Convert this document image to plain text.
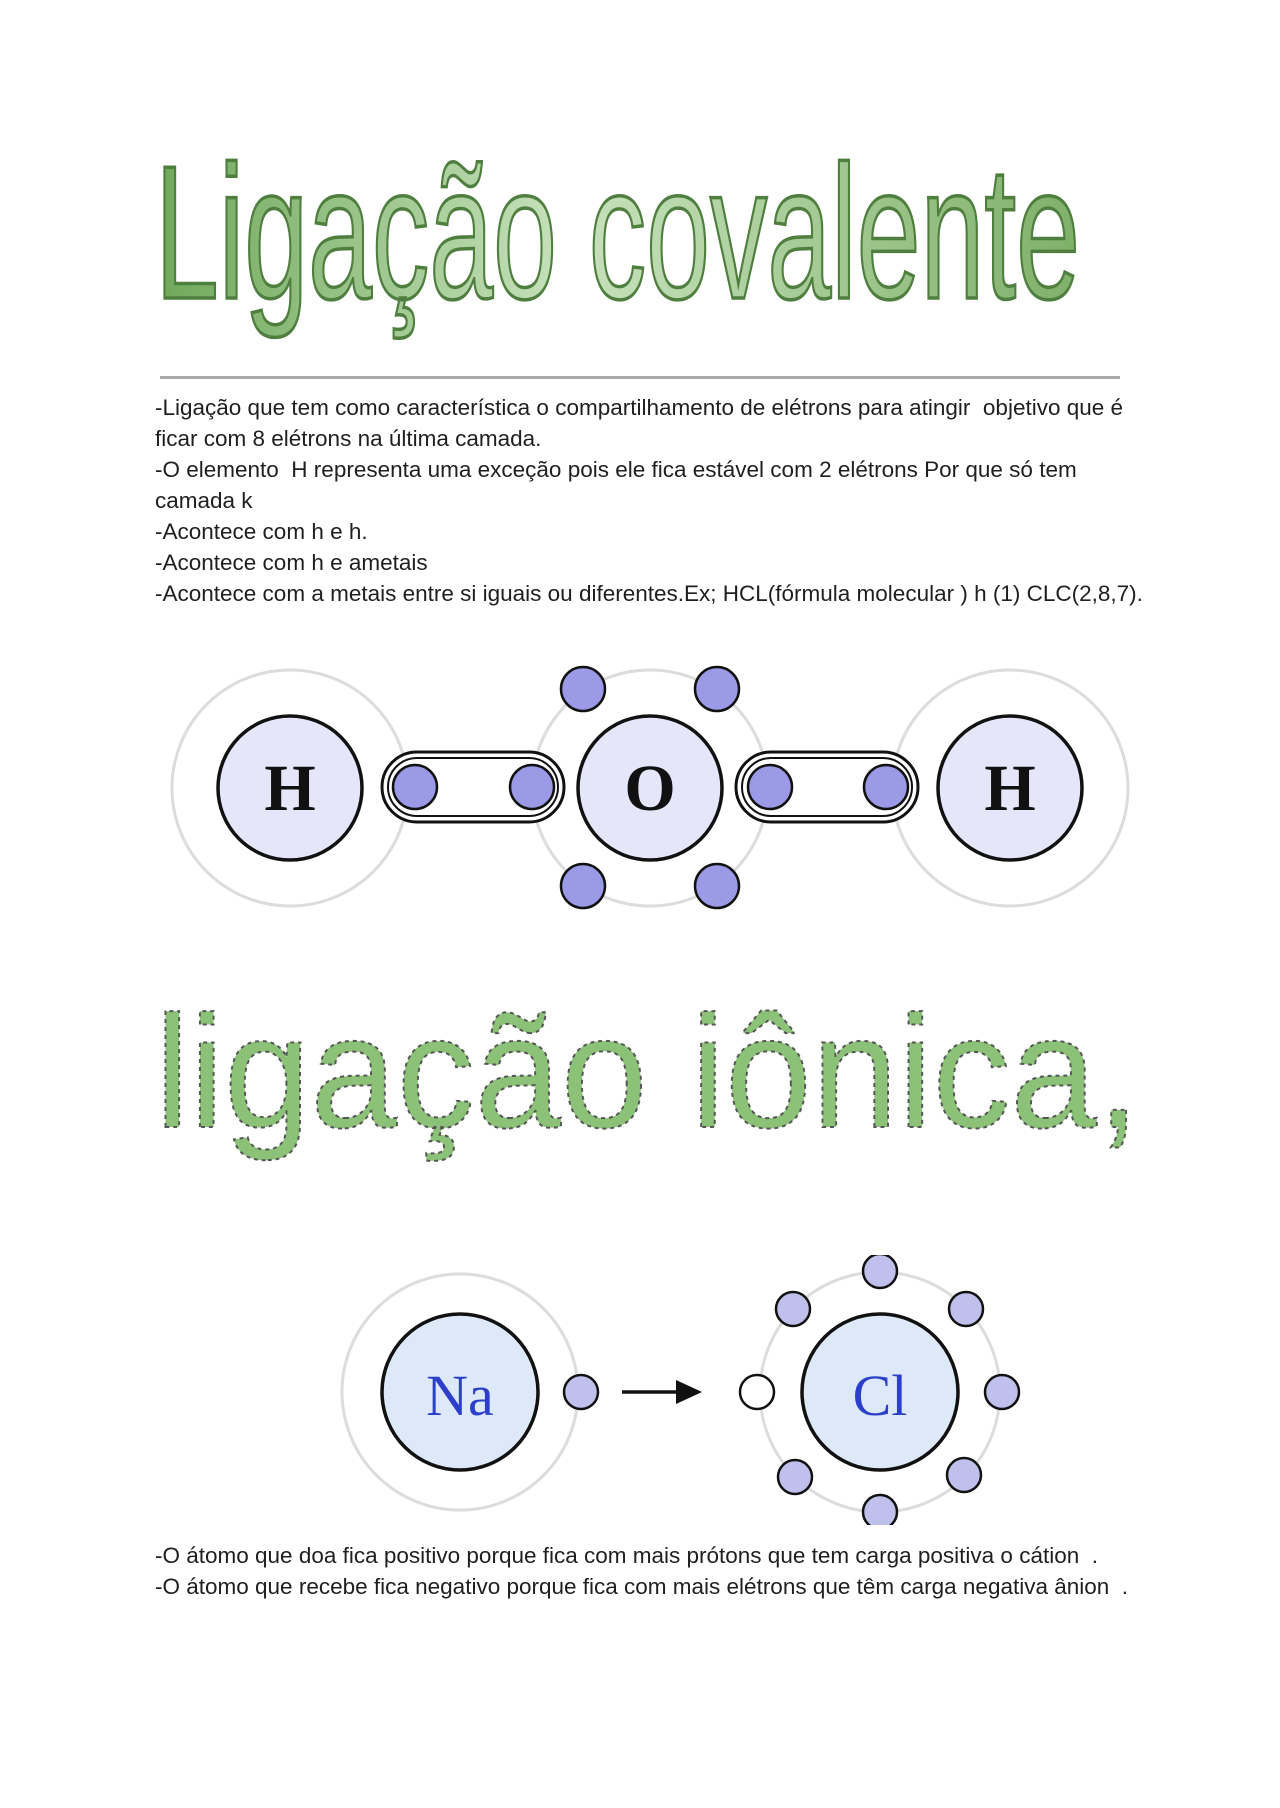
Ligação covalente

-Ligação que tem como característica o compartilhamento de elétrons para atingir  objetivo que é ficar com 8 elétrons na última camada.

-O elemento  H representa uma exceção pois ele fica estável com 2 elétrons Por que só tem camada k

-Acontece com h e h.

-Acontece com h e ametais

-Acontece com a metais entre si iguais ou diferentes.Ex; HCL(fórmula molecular ) h (1) CLC(2,8,7).

H	O	H
ligação iônica,
Na	Cl

-O átomo que doa fica positivo porque fica com mais prótons que tem carga positiva o cátion  .

-O átomo que recebe fica negativo porque fica com mais elétrons que têm carga negativa ânion  .
